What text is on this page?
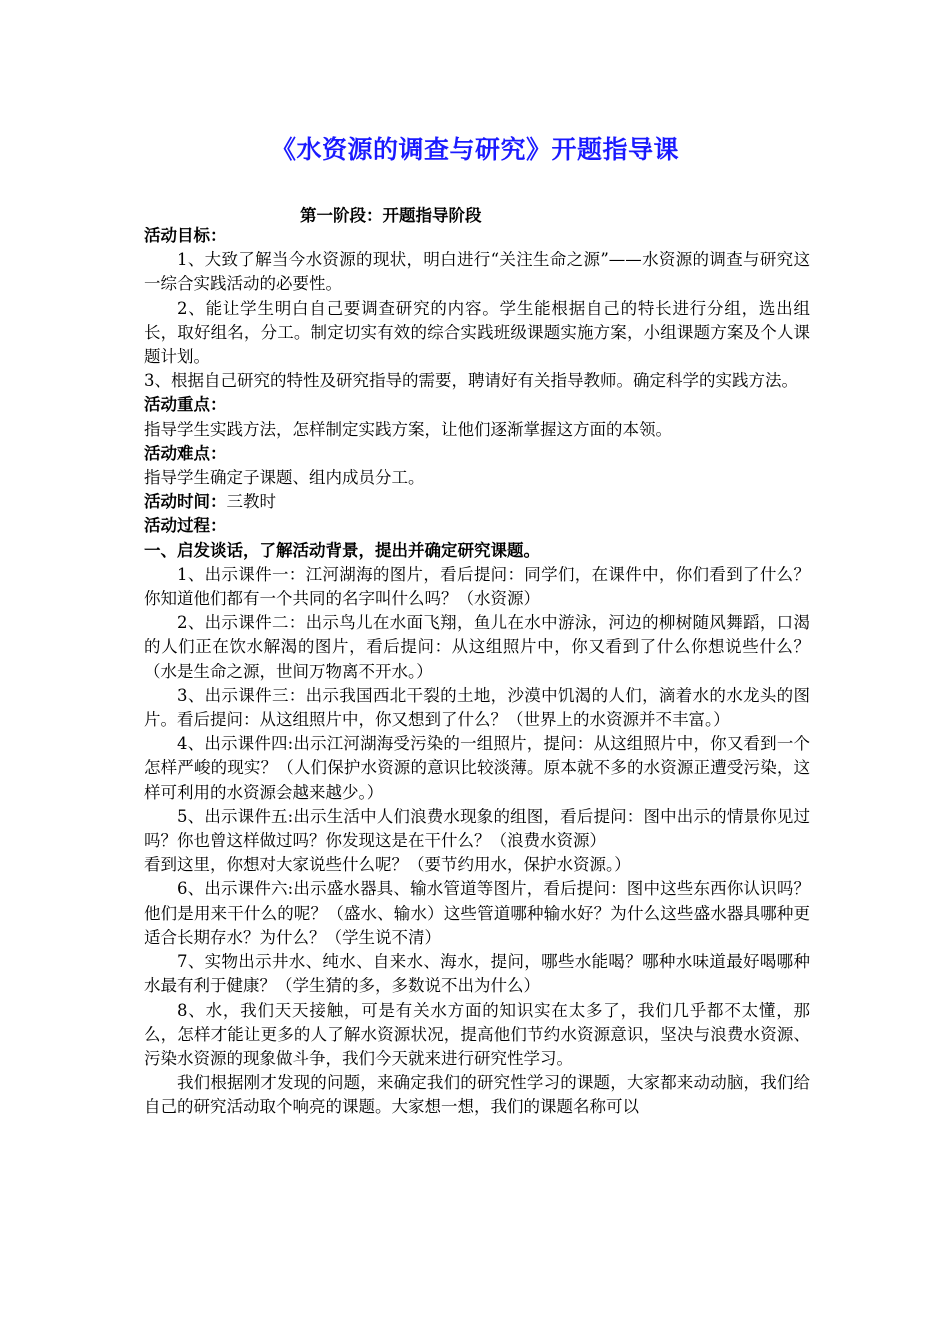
《水资源的调查与研究》开题指导课
第一阶段：开题指导阶段

活动目标：

1、大致了解当今水资源的现状，明白进行“关注生命之源”——水资源的调查与研究这一综合实践活动的必要性。

2、能让学生明白自己要调查研究的内容。学生能根据自己的特长进行分组，选出组长，取好组名，分工。制定切实有效的综合实践班级课题实施方案，小组课题方案及个人课题计划。

3、根据自己研究的特性及研究指导的需要，聘请好有关指导教师。确定科学的实践方法。

活动重点：

指导学生实践方法，怎样制定实践方案，让他们逐渐掌握这方面的本领。

活动难点：

指导学生确定子课题、组内成员分工。

活动时间：三教时

活动过程：

一、启发谈话，了解活动背景，提出并确定研究课题。

1、出示课件一：江河湖海的图片，看后提问：同学们，在课件中，你们看到了什么？你知道他们都有一个共同的名字叫什么吗？（水资源）

2、出示课件二：出示鸟儿在水面飞翔，鱼儿在水中游泳，河边的柳树随风舞蹈，口渴的人们正在饮水解渴的图片，看后提问：从这组照片中，你又看到了什么你想说些什么？（水是生命之源，世间万物离不开水。）

3、出示课件三：出示我国西北干裂的土地，沙漠中饥渴的人们，滴着水的水龙头的图片。看后提问：从这组照片中，你又想到了什么？（世界上的水资源并不丰富。）

4、出示课件四:出示江河湖海受污染的一组照片，提问：从这组照片中，你又看到一个怎样严峻的现实？（人们保护水资源的意识比较淡薄。原本就不多的水资源正遭受污染，这样可利用的水资源会越来越少。）

5、出示课件五:出示生活中人们浪费水现象的组图，看后提问：图中出示的情景你见过吗？你也曾这样做过吗？你发现这是在干什么？（浪费水资源）

看到这里，你想对大家说些什么呢？（要节约用水，保护水资源。）

6、出示课件六:出示盛水器具、输水管道等图片，看后提问：图中这些东西你认识吗？他们是用来干什么的呢？（盛水、输水）这些管道哪种输水好？为什么这些盛水器具哪种更适合长期存水？为什么？（学生说不清）

7、实物出示井水、纯水、自来水、海水，提问，哪些水能喝？哪种水味道最好喝哪种水最有利于健康？（学生猜的多，多数说不出为什么）

8、水，我们天天接触，可是有关水方面的知识实在太多了，我们几乎都不太懂，那么，怎样才能让更多的人了解水资源状况，提高他们节约水资源意识，坚决与浪费水资源、污染水资源的现象做斗争，我们今天就来进行研究性学习。

我们根据刚才发现的问题，来确定我们的研究性学习的课题，大家都来动动脑，我们给自己的研究活动取个响亮的课题。大家想一想，我们的课题名称可以
